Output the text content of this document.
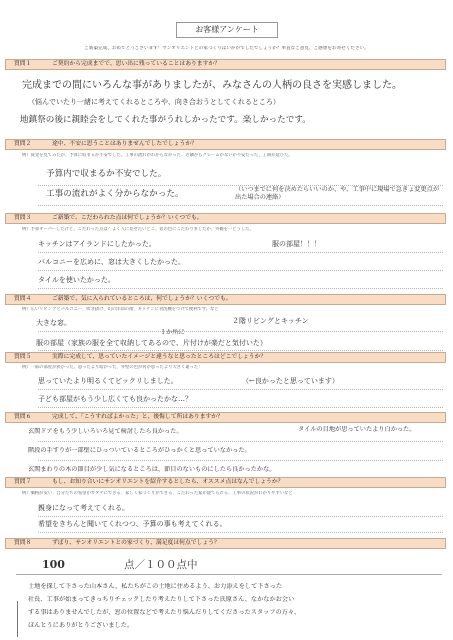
お客様アンケート
ご新築完成、おめでとうございます！サンオリエントとの家づくりはいかがでしたでしょうか？率直なご意見、ご感想をお寄せください。
質問１	ご契約から完成までで、思い出に残っていることはありますか？
完成までの間にいろんな事がありましたが、みなさんの人柄の良さを実感しました。
（悩んでいたり一緒に考えてくれるところや、向き合おうとしてくれるところ）
地鎮祭の後に親睦会をしてくれた事がうれしかったです。楽しかったです。
質問２	途中、不安に思うことはありませんでしたでしょうか？
例）資金を見てみたが、予算に収まるか不安でした。工事の流れがわからなかった、近隣からクレームがないか不安だった、工期が延びた。
予算内で収まるか不安でした。
工事の流れがよく分からなかった。	（いつまでに何を決めたらいいのか、や、工事中に現場で急きょ変更点が出た場合の連絡）
質問３	ご新築で、こだわられた点は何でしょうか？いくつでも。
例）予算オーバーしたけど、こだわった点は？よく人に見せたいとこ、窓の色にこだわりましたか、外観を一どうした。
キッチンはアイランドにしたかった。	服の部屋！！！
バルコニーを広めに、窓は大きくしたかった。
タイルを使いたかった。
質問４	ご新築で、気に入られているところは、何でしょうか？いくつでも。
例）広いリビングとバルコニー、吹き抜け、幻の洋間の階、キッチンに食洗機をつけて便利です、など
大きな窓。	２階リビングとキッチン
１か所に
服の部屋（家族の服を全て収納してあるので、片付けが楽だと気付いた）
質問５	実際に完成して、思っていたイメージと違うなと思ったところはどこでしょうか？
例）一部の部屋が狭かった。思ったより暗かった、外壁の色が何か思ったより大きく違った！
思っていたより明るくてビックリしました。	（←良かったと思っています）
子ども部屋がもう少し広くても良かったかな…？
質問６	完成して、「こうすればよかった」と、後悔して所はありますか？
玄関ドアをもう少しいろいろ見て検討したら良かった。	タイルの目地が思っていたより白かった。
階段の手すりが一部壁にひっついているところがひっかくと思っていなかった。
玄関まわりの木の節目が少し気になるところは、節目のないものにしたら良かったかな。
質問７	もし、お知り合いにサンオリエントを紹介するとしたら、オススメ点はなんでしょうか？
例）価格が安い、自分たちの希望がカタチにできる、家しく家づくりができる、こだわった家が建てられる、工事の状況がわかりやすいなど
親身になって考えてくれる。
希望をきちんと聞いてくれつつ、予算の事も考えてくれる。
質問８	ずばり、サンオリエントとの家づくり、満足度は何点でしょう？
100	点／１００点中
土地を探して下さった山本さん、私たちがこの土地に住めるよう、お力添えをして下さった
社長、工事が始まってきっちりチェックしたり考えたりして下さった氏原さん、なかなかお会い
する事はありませんでしたが、窓の位置などで考えたり悩んだりしてくださったスタッフの方々、
ほんとうにありがとうございました。
